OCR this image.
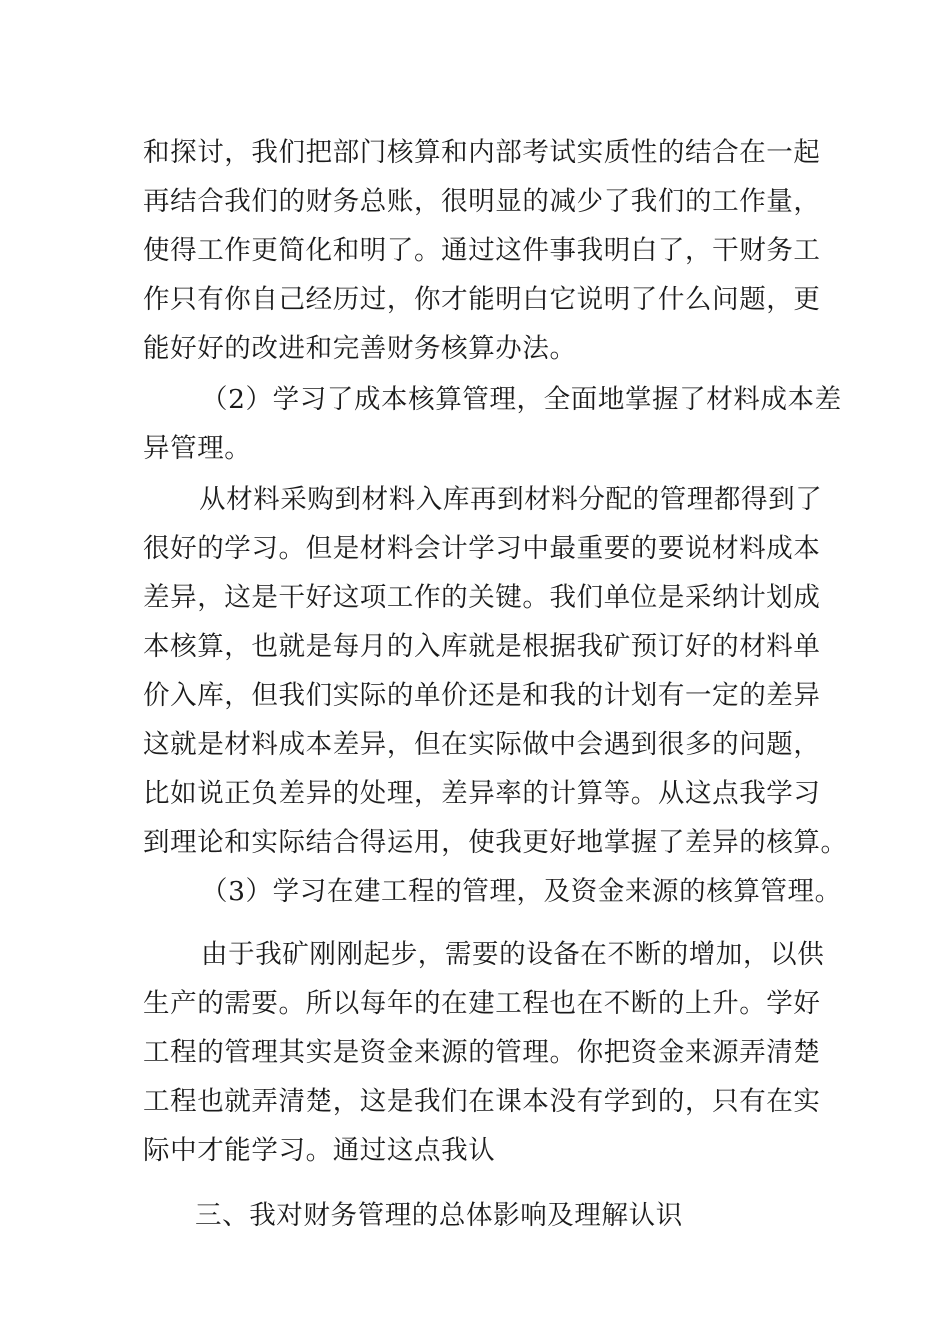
和探讨，我们把部门核算和内部考试实质性的结合在一起

再结合我们的财务总账，很明显的减少了我们的工作量，

使得工作更简化和明了。通过这件事我明白了，干财务工

作只有你自己经历过，你才能明白它说明了什么问题，更

能好好的改进和完善财务核算办法。

（2）学习了成本核算管理，全面地掌握了材料成本差

异管理。

从材料采购到材料入库再到材料分配的管理都得到了

很好的学习。但是材料会计学习中最重要的要说材料成本

差异，这是干好这项工作的关键。我们单位是采纳计划成

本核算，也就是每月的入库就是根据我矿预订好的材料单

价入库，但我们实际的单价还是和我的计划有一定的差异

这就是材料成本差异，但在实际做中会遇到很多的问题，

比如说正负差异的处理，差异率的计算等。从这点我学习

到理论和实际结合得运用，使我更好地掌握了差异的核算。

（3）学习在建工程的管理，及资金来源的核算管理。

由于我矿刚刚起步，需要的设备在不断的增加，以供

生产的需要。所以每年的在建工程也在不断的上升。学好

工程的管理其实是资金来源的管理。你把资金来源弄清楚

工程也就弄清楚，这是我们在课本没有学到的，只有在实

际中才能学习。通过这点我认

三、我对财务管理的总体影响及理解认识
